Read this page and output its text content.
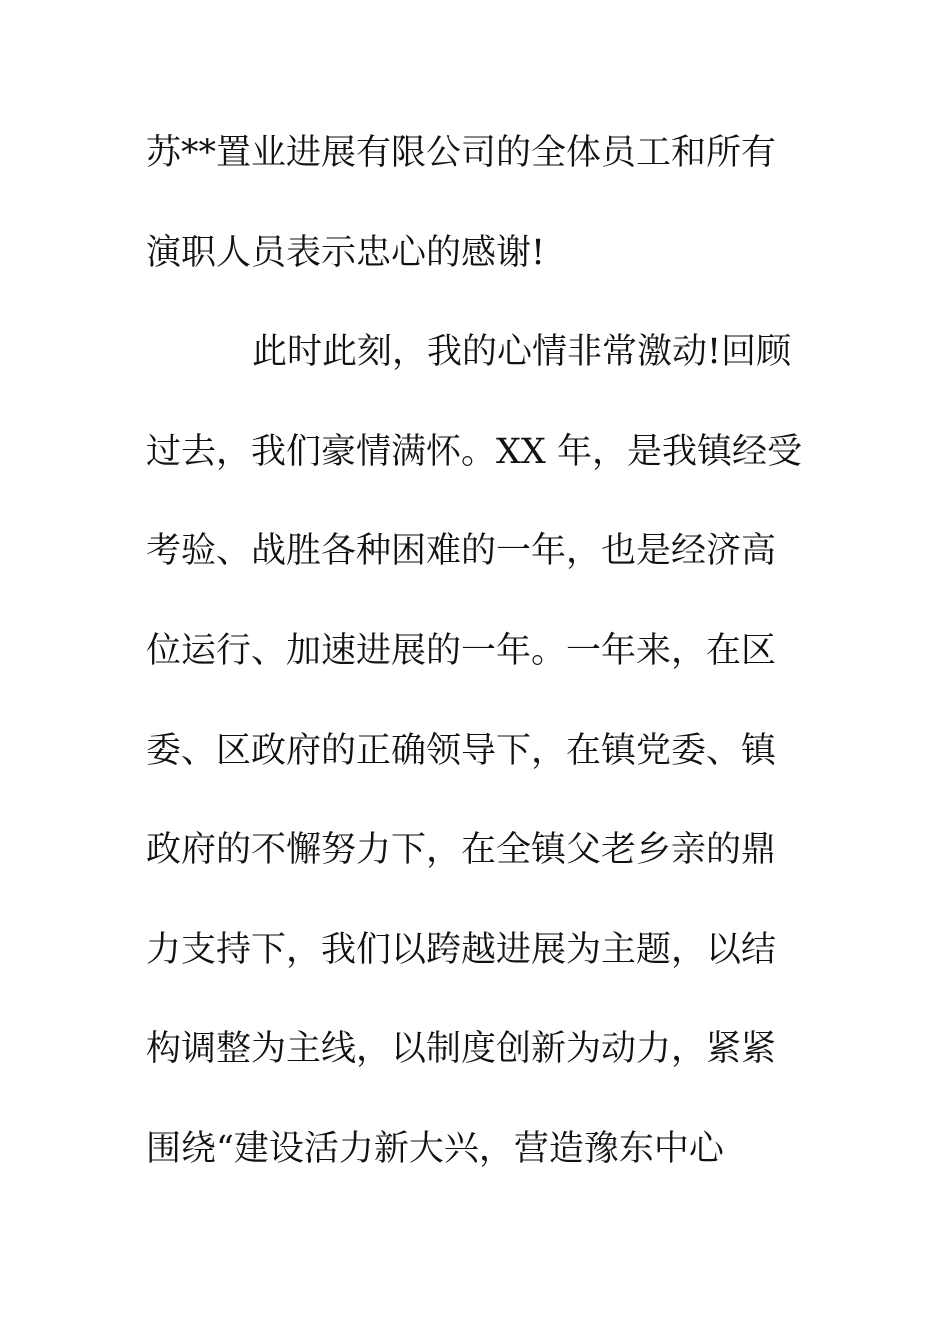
苏**置业进展有限公司的全体员工和所有
演职人员表示忠心的感谢!
此时此刻，我的心情非常激动!回顾
过去，我们豪情满怀。XX 年，是我镇经受
考验、战胜各种困难的一年，也是经济高
位运行、加速进展的一年。一年来，在区
委、区政府的正确领导下，在镇党委、镇
政府的不懈努力下，在全镇父老乡亲的鼎
力支持下，我们以跨越进展为主题，以结
构调整为主线，以制度创新为动力，紧紧
围绕“建设活力新大兴，营造豫东中心
